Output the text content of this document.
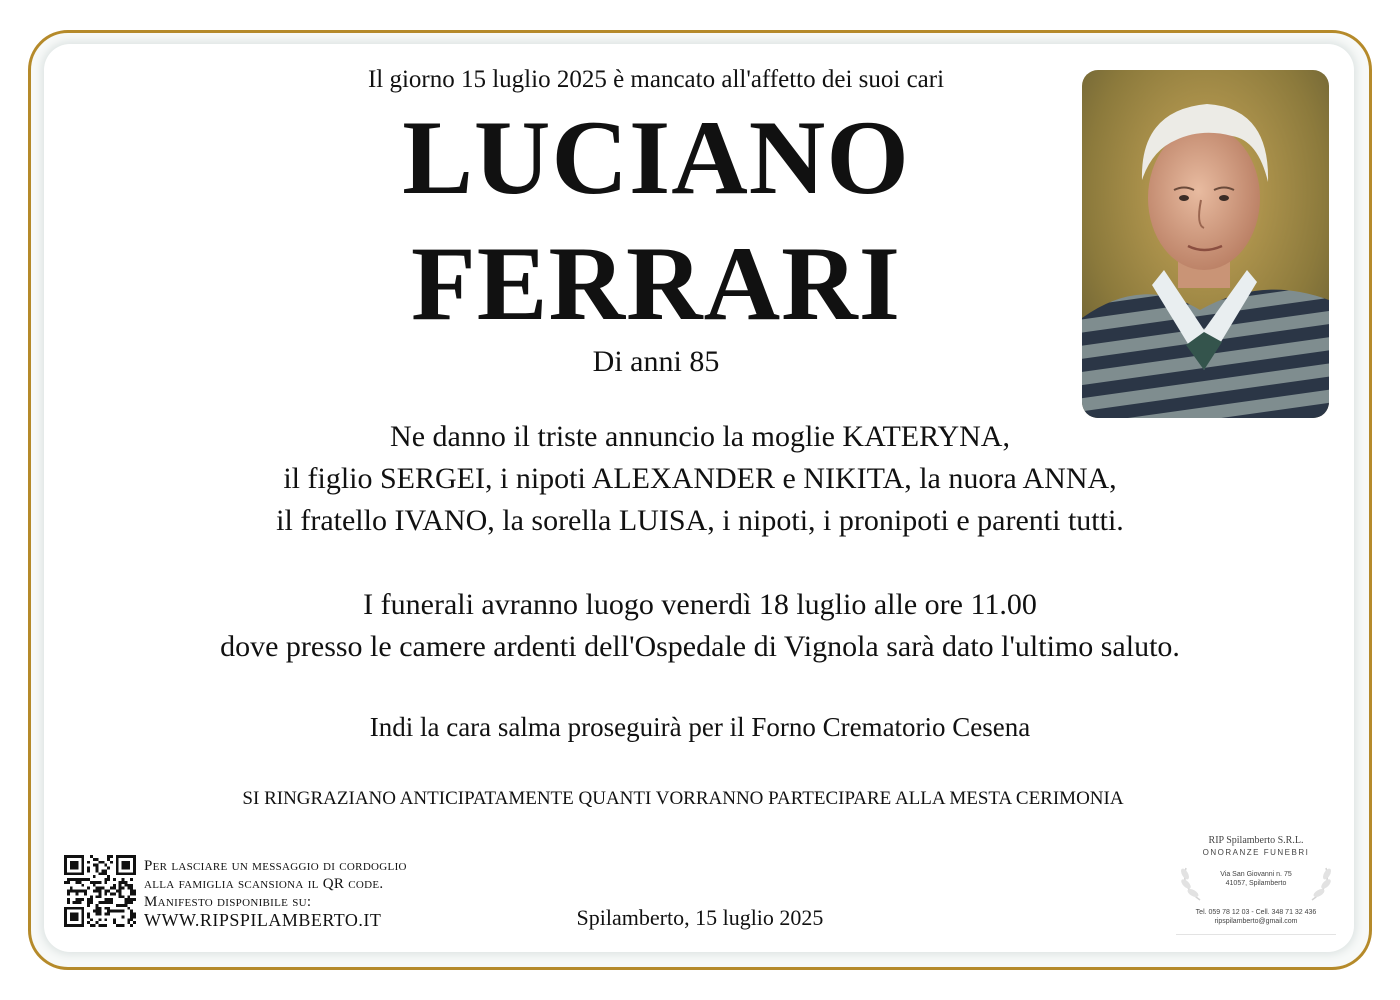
Il giorno 15 luglio 2025 è mancato all'affetto dei suoi cari
LUCIANO
FERRARI
Di anni 85
Ne danno il triste annuncio la moglie KATERYNA,
il figlio SERGEI, i nipoti ALEXANDER e NIKITA, la nuora ANNA,
il fratello IVANO, la sorella LUISA, i nipoti, i pronipoti e parenti tutti.
I funerali avranno luogo venerdì 18 luglio alle ore 11.00
dove presso le camere ardenti dell'Ospedale di Vignola sarà dato l'ultimo saluto.
Indi la cara salma proseguirà per il Forno Crematorio Cesena
SI RINGRAZIANO ANTICIPATAMENTE QUANTI VORRANNO PARTECIPARE ALLA MESTA CERIMONIA
Per lasciare un messaggio di cordoglio
alla famiglia scansiona il QR code.
Manifesto disponibile su:
WWW.RIPSPILAMBERTO.IT	Spilamberto, 15 luglio 2025
RIP Spilamberto S.R.L.
ONORANZE FUNEBRI
Via San Giovanni n. 75
41057, Spilamberto
Tel. 059 78 12 03 - Cell. 348 71 32 436
ripspilamberto@gmail.com
